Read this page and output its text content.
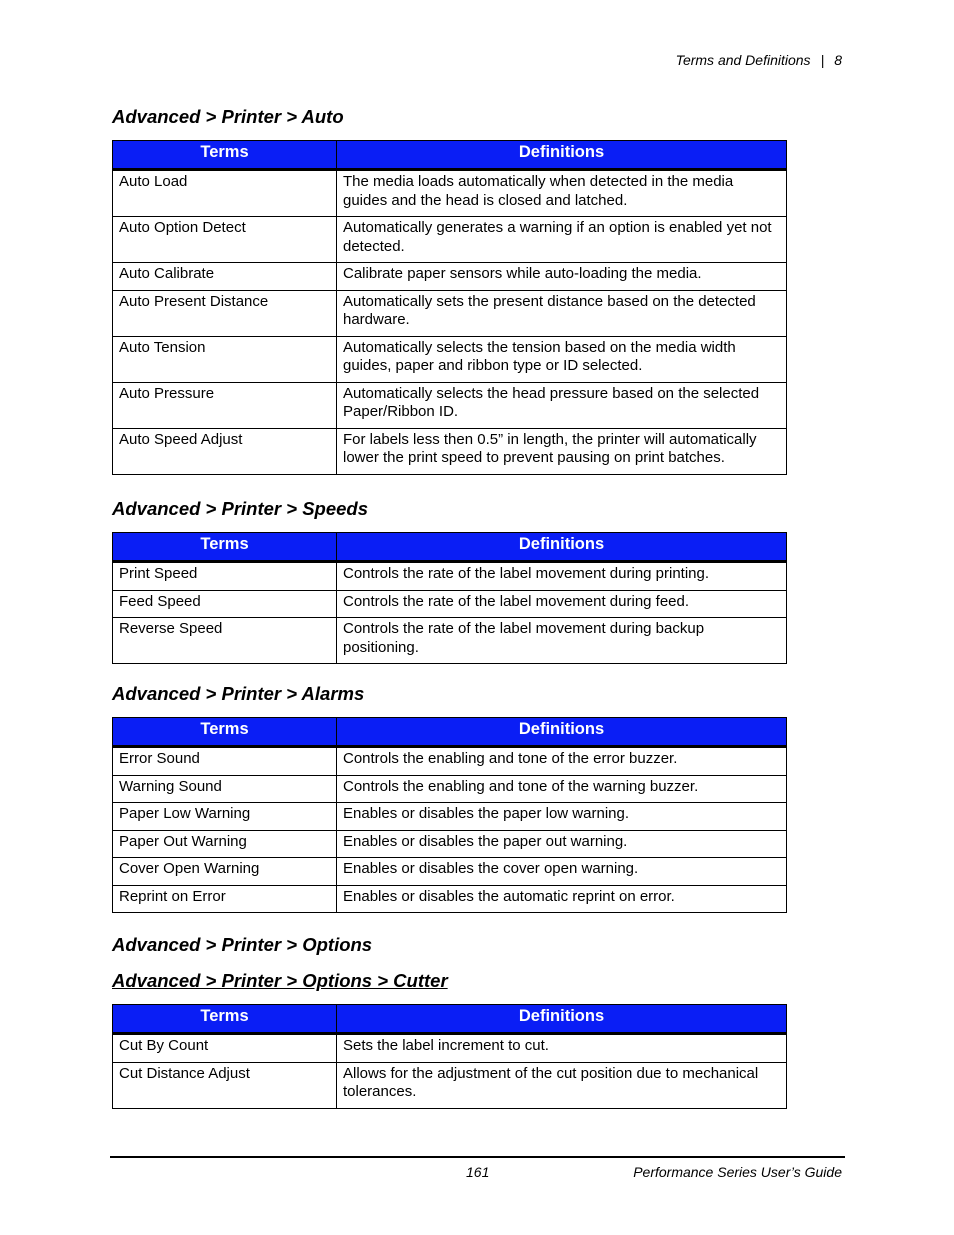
Terms and Definitions | 8
Advanced > Printer > Auto
Terms	Definitions
Auto Load	The media loads automatically when detected in the media guides and the head is closed and latched.
Auto Option Detect	Automatically generates a warning if an option is enabled yet not detected.
Auto Calibrate	Calibrate paper sensors while auto-loading the media.
Auto Present Distance	Automatically sets the present distance based on the detected hardware.
Auto Tension	Automatically selects the tension based on the media width guides, paper and ribbon type or ID selected.
Auto Pressure	Automatically selects the head pressure based on the selected Paper/Ribbon ID.
Auto Speed Adjust	For labels less then 0.5” in length, the printer will automatically lower the print speed to prevent pausing on print batches.
Advanced > Printer > Speeds
Terms	Definitions
Print Speed	Controls the rate of the label movement during printing.
Feed Speed	Controls the rate of the label movement during feed.
Reverse Speed	Controls the rate of the label movement during backup positioning.
Advanced > Printer > Alarms
Terms	Definitions
Error Sound	Controls the enabling and tone of the error buzzer.
Warning Sound	Controls the enabling and tone of the warning buzzer.
Paper Low Warning	Enables or disables the paper low warning.
Paper Out Warning	Enables or disables the paper out warning.
Cover Open Warning	Enables or disables the cover open warning.
Reprint on Error	Enables or disables the automatic reprint on error.
Advanced > Printer > Options
Advanced > Printer > Options > Cutter
Terms	Definitions
Cut By Count	Sets the label increment to cut.
Cut Distance Adjust	Allows for the adjustment of the cut position due to mechanical tolerances.
161	Performance Series User’s Guide
